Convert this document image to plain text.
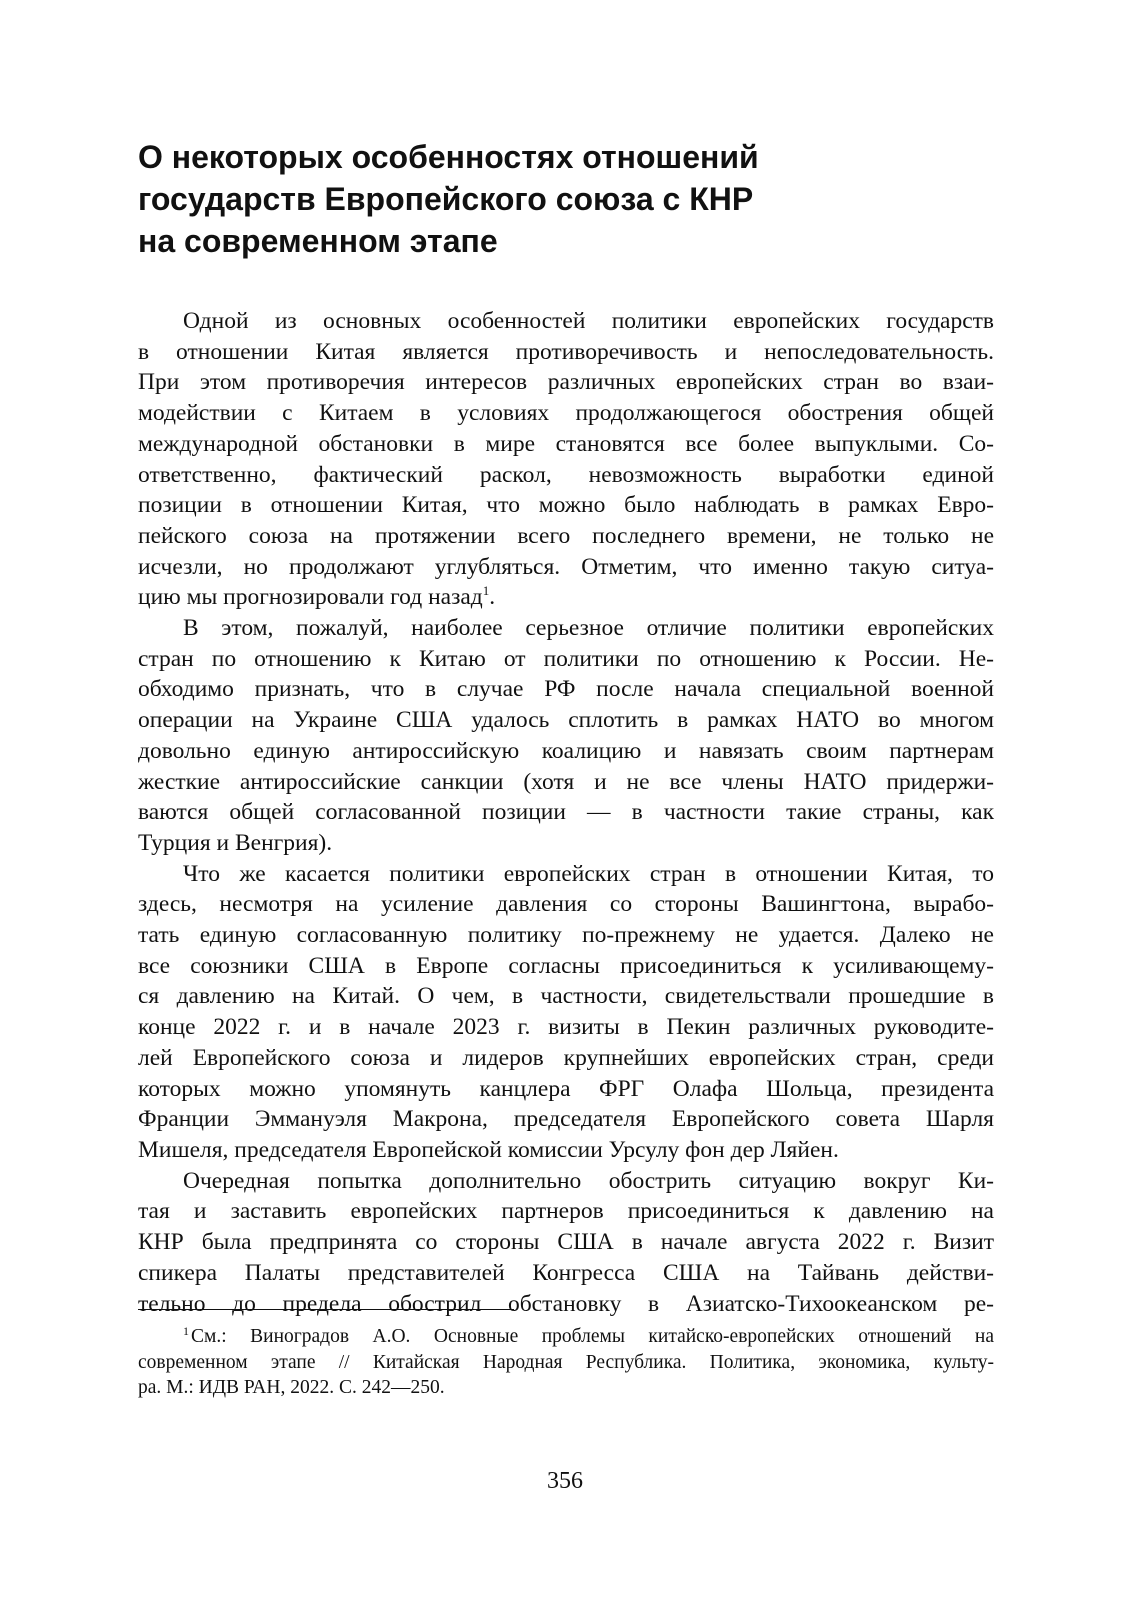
О некоторых особенностях отношений
государств Европейского союза с КНР
на современном этапе

Одной из основных особенностей политики европейских государств
в отношении Китая является противоречивость и непоследовательность.
При этом противоречия интересов различных европейских стран во взаи-
модействии с Китаем в условиях продолжающегося обострения общей
международной обстановки в мире становятся все более выпуклыми. Со-
ответственно, фактический раскол, невозможность выработки единой
позиции в отношении Китая, что можно было наблюдать в рамках Евро-
пейского союза на протяжении всего последнего времени, не только не
исчезли, но продолжают углубляться. Отметим, что именно такую ситуа-
цию мы прогнозировали год назад$^1$.

В этом, пожалуй, наиболее серьезное отличие политики европейских
стран по отношению к Китаю от политики по отношению к России. Не-
обходимо признать, что в случае РФ после начала специальной военной
операции на Украине США удалось сплотить в рамках НАТО во многом
довольно единую антироссийскую коалицию и навязать своим партнерам
жесткие антироссийские санкции (хотя и не все члены НАТО придержи-
ваются общей согласованной позиции — в частности такие страны, как
Турция и Венгрия).

Что же касается политики европейских стран в отношении Китая, то
здесь, несмотря на усиление давления со стороны Вашингтона, вырабо-
тать единую согласованную политику по-прежнему не удается. Далеко не
все союзники США в Европе согласны присоединиться к усиливающему-
ся давлению на Китай. О чем, в частности, свидетельствали прошедшие в
конце 2022 г. и в начале 2023 г. визиты в Пекин различных руководите-
лей Европейского союза и лидеров крупнейших европейских стран, среди
которых можно упомянуть канцлера ФРГ Олафа Шольца, президента
Франции Эммануэля Макрона, председателя Европейского совета Шарля
Мишеля, председателя Европейской комиссии Урсулу фон дер Ляйен.

Очередная попытка дополнительно обострить ситуацию вокруг Ки-
тая и заставить европейских партнеров присоединиться к давлению на
КНР была предпринята со стороны США в начале августа 2022 г. Визит
спикера Палаты представителей Конгресса США на Тайвань действи-
тельно до предела обострил обстановку в Азиатско-Тихоокеанском ре-

$^1$ См.: Виноградов А.О. Основные проблемы китайско-европейских отношений на
современном этапе // Китайская Народная Республика. Политика, экономика, культу-
ра. М.: ИДВ РАН, 2022. С. 242—250.
356
